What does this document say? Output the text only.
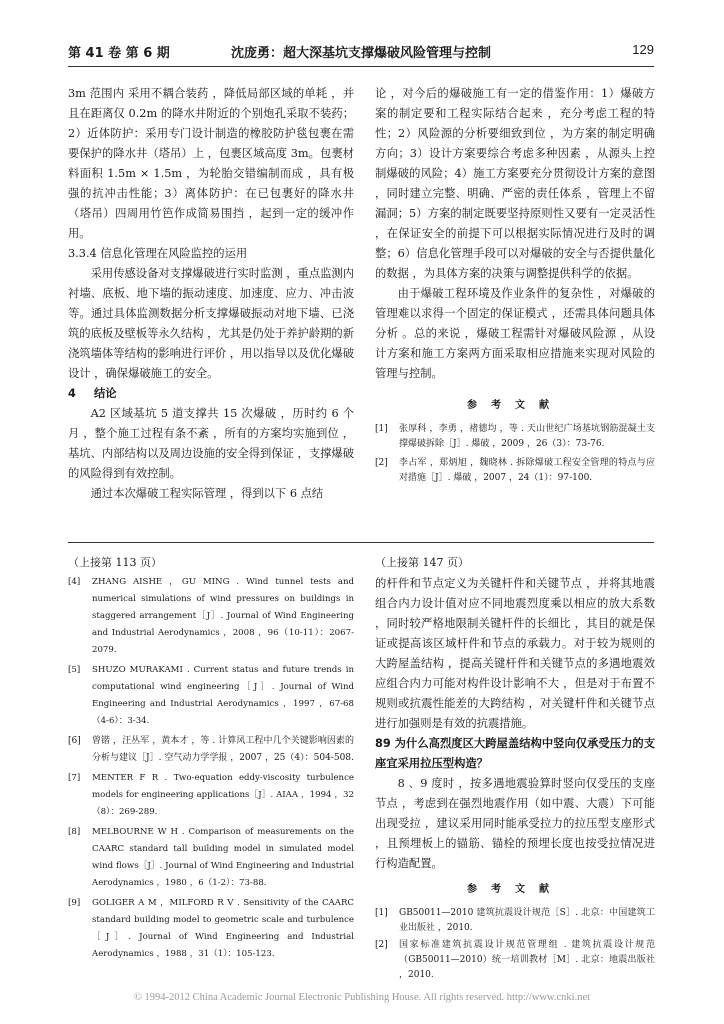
第 41 卷 第 6 期	沈庞勇：超大深基坑支撑爆破风险管理与控制	129

3m 范围内 采用不耦合装药 ，降低局部区域的单耗 ，并且在距离仅 0.2m 的降水井附近的个别炮孔采取不装药；2）近体防护：采用专门设计制造的橡胶防护毯包裹在需要保护的降水井（塔吊）上 ，包裹区域高度 3m。包裹材料面积 1.5m × 1.5m ，为轮胎交错编制而成 ，具有极强的抗冲击性能；3）离体防护：在已包裹好的降水井（塔吊）四周用竹笆作成简易围挡 ，起到一定的缓冲作用。

3.3.4 信息化管理在风险监控的运用

采用传感设备对支撑爆破进行实时监测 ，重点监测内衬墙、底板、地下墙的振动速度、加速度、应力、冲击波等。通过具体监测数据分析支撑爆破振动对地下墙、已浇筑的底板及壁板等永久结构 ，尤其是仍处于养护龄期的新浇筑墙体等结构的影响进行评价 ，用以指导以及优化爆破设计 ，确保爆破施工的安全。

4 结论

A2 区域基坑 5 道支撑共 15 次爆破 ，历时约 6 个月 ，整个施工过程有条不紊 ，所有的方案均实施到位 ，基坑、内部结构以及周边设施的安全得到保证 ，支撑爆破的风险得到有效控制。

通过本次爆破工程实际管理 ，得到以下 6 点结

论 ，对今后的爆破施工有一定的借鉴作用：1）爆破方案的制定要和工程实际结合起来 ，充分考虑工程的特性；2）风险源的分析要细致到位 ，为方案的制定明确方向；3）设计方案要综合考虑多种因素 ，从源头上控制爆破的风险；4）施工方案要充分贯彻设计方案的意图 ，同时建立完整、明确、严密的责任体系 ，管理上不留漏洞；5）方案的制定既要坚持原则性又要有一定灵活性 ，在保证安全的前提下可以根据实际情况进行及时的调整；6）信息化管理手段可以对爆破的安全与否提供量化的数据 ，为具体方案的决策与调整提供科学的依据。

由于爆破工程环境及作业条件的复杂性 ，对爆破的管理难以求得一个固定的保证模式 ，还需具体问题具体分析 。总的来说 ，爆破工程需针对爆破风险源 ，从设计方案和施工方案两方面采取相应措施来实现对风险的管理与控制。

参考文献
[1] 张厚科 ，李勇 ，褚德均 ，等 . 天山世纪广场基坑钢筋混凝土支撑爆破拆除［J］. 爆破 ，2009 ，26（3）：73-76.
[2] 李占军 ，郑炳旭 ，魏晓林 . 拆除爆破工程安全管理的特点与应对措施［J］. 爆破 ，2007 ，24（1）：97-100.
（上接第 113 页）
[4] ZHANG AISHE ，GU MING . Wind tunnel tests and numerical simulations of wind pressures on buildings in staggered arrangement［J］. Journal of Wind Engineering and Industrial Aerodynamics ，2008 ，96（10-11）：2067-2079.
[5] SHUZO MURAKAMI . Current status and future trends in computational wind engineering［J］. Journal of Wind Engineering and Industrial Aerodynamics ，1997 ，67-68（4-6）：3-34.
[6] 曾锴 ，汪丛军 ，黄本才 ，等 . 计算风工程中几个关键影响因素的分析与建议［J］. 空气动力学学报 ，2007 ，25（4）：504-508.
[7] MENTER F R . Two-equation eddy-viscosity turbulence models for engineering applications［J］. AIAA ，1994 ，32（8）：269-289.
[8] MELBOURNE W H . Comparison of measurements on the CAARC standard tall building model in simulated model wind flows［J］. Journal of Wind Engineering and Industrial Aerodynamics ，1980 ，6（1-2）：73-88.
[9] GOLIGER A M ，MILFORD R V . Sensitivity of the CAARC standard building model to geometric scale and turbulence［J］. Journal of Wind Engineering and Industrial Aerodynamics ，1988 ，31（1）：105-123.
（上接第 147 页）

的杆件和节点定义为关键杆件和关键节点 ，并将其地震组合内力设计值对应不同地震烈度乘以相应的放大系数 ，同时较严格地限制关键杆件的长细比 ，其目的就是保证或提高该区域杆件和节点的承载力。对于较为规则的大跨屋盖结构 ，提高关键杆件和关键节点的多遇地震效应组合内力可能对构件设计影响不大 ，但是对于布置不规则或抗震性能差的大跨结构 ，对关键杆件和关键节点进行加强则是有效的抗震措施。

89 为什么高烈度区大跨屋盖结构中竖向仅承受压力的支座宜采用拉压型构造？

8 、9 度时 ，按多遇地震验算时竖向仅受压的支座节点 ，考虑到在强烈地震作用（如中震、大震）下可能出现受拉 ，建议采用同时能承受拉力的拉压型支座形式 ，且预埋板上的锚筋、锚栓的预埋长度也按受拉情况进行构造配置。

参考文献
[1] GB50011—2010 建筑抗震设计规范［S］. 北京：中国建筑工业出版社 ，2010.
[2] 国家标准建筑抗震设计规范管理组 . 建筑抗震设计规范（GB50011—2010）统一培训教材［M］. 北京：地震出版社 ，2010.
© 1994-2012 China Academic Journal Electronic Publishing House. All rights reserved. http://www.cnki.net
